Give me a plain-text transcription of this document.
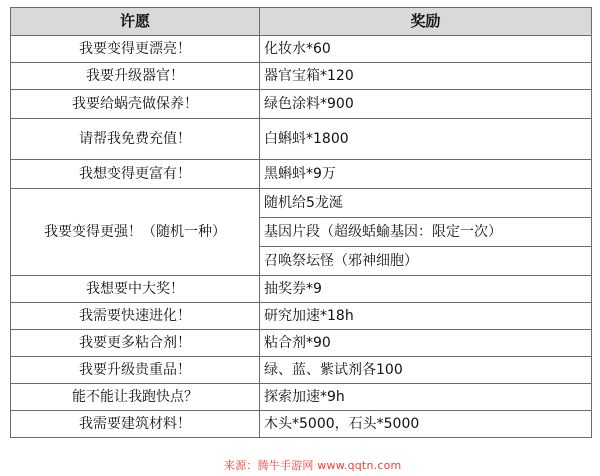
许愿	奖励
我要变得更漂亮！	化妆水*60
我要升级器官！	器官宝箱*120
我要给蜗壳做保养！	绿色涂料*900
请帮我免费充值！	白蝌蚪*1800
我想变得更富有！	黑蝌蚪*9万
我要变得更强！（随机一种）	随机给5龙涎
	基因片段（超级蛞蝓基因：限定一次）
	召唤祭坛怪（邪神细胞）
我想要中大奖！	抽奖券*9
我需要快速进化！	研究加速*18h
我要更多粘合剂！	粘合剂*90
我要升级贵重品！	绿、蓝、紫试剂各100
能不能让我跑快点？	探索加速*9h
我需要建筑材料！	木头*5000，石头*5000
来源：腾牛手游网 www.qqtn.com
